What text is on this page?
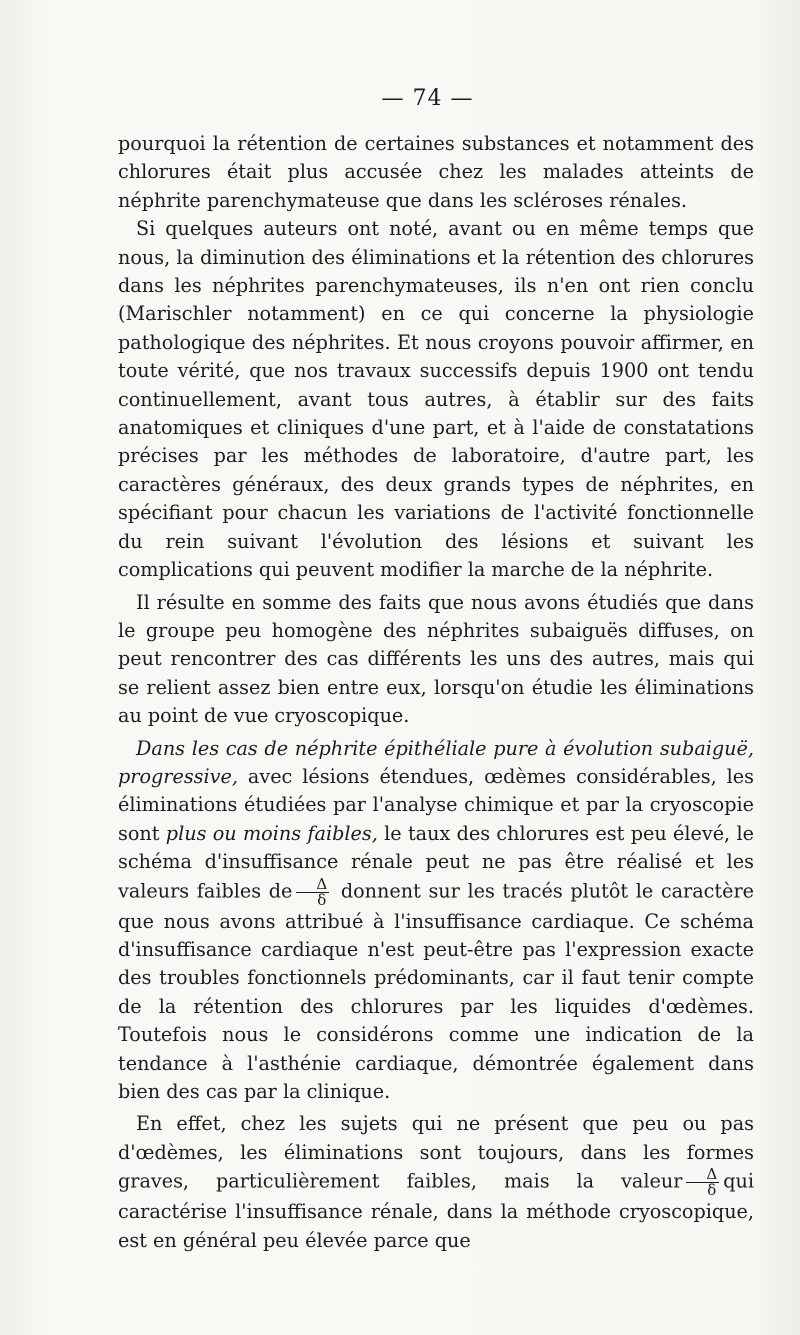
— 74 —

pourquoi la rétention de certaines substances et notamment des chlorures était plus accusée chez les malades atteints de néphrite parenchymateuse que dans les scléroses rénales.

Si quelques auteurs ont noté, avant ou en même temps que nous, la diminution des éliminations et la rétention des chlorures dans les néphrites parenchymateuses, ils n'en ont rien conclu (Marischler notamment) en ce qui concerne la physiologie pathologique des néphrites. Et nous croyons pouvoir affirmer, en toute vérité, que nos travaux successifs depuis 1900 ont tendu continuellement, avant tous autres, à établir sur des faits anatomiques et cliniques d'une part, et à l'aide de constatations précises par les méthodes de laboratoire, d'autre part, les caractères généraux, des deux grands types de néphrites, en spécifiant pour chacun les variations de l'activité fonctionnelle du rein suivant l'évolution des lésions et suivant les complications qui peuvent modifier la marche de la néphrite.

Il résulte en somme des faits que nous avons étudiés que dans le groupe peu homogène des néphrites subaiguës diffuses, on peut rencontrer des cas différents les uns des autres, mais qui se relient assez bien entre eux, lorsqu'on étudie les éliminations au point de vue cryoscopique.

Dans les cas de néphrite épithéliale pure à évolution subaiguë, progressive, avec lésions étendues, œdèmes considérables, les éliminations étudiées par l'analyse chimique et par la cryoscopie sont plus ou moins faibles, le taux des chlorures est peu élevé, le schéma d'insuffisance rénale peut ne pas être réalisé et les valeurs faibles de $\frac{\Delta}{\delta}$ donnent sur les tracés plutôt le caractère que nous avons attribué à l'insuffisance cardiaque. Ce schéma d'insuffisance cardiaque n'est peut-être pas l'expression exacte des troubles fonctionnels prédominants, car il faut tenir compte de la rétention des chlorures par les liquides d'œdèmes. Toutefois nous le considérons comme une indication de la tendance à l'asthénie cardiaque, démontrée également dans bien des cas par la clinique.

En effet, chez les sujets qui ne présent que peu ou pas d'œdèmes, les éliminations sont toujours, dans les formes graves, particulièrement faibles, mais la valeur $\frac{\Delta}{\delta}$ qui caractérise l'insuffisance rénale, dans la méthode cryoscopique, est en général peu élevée parce que
